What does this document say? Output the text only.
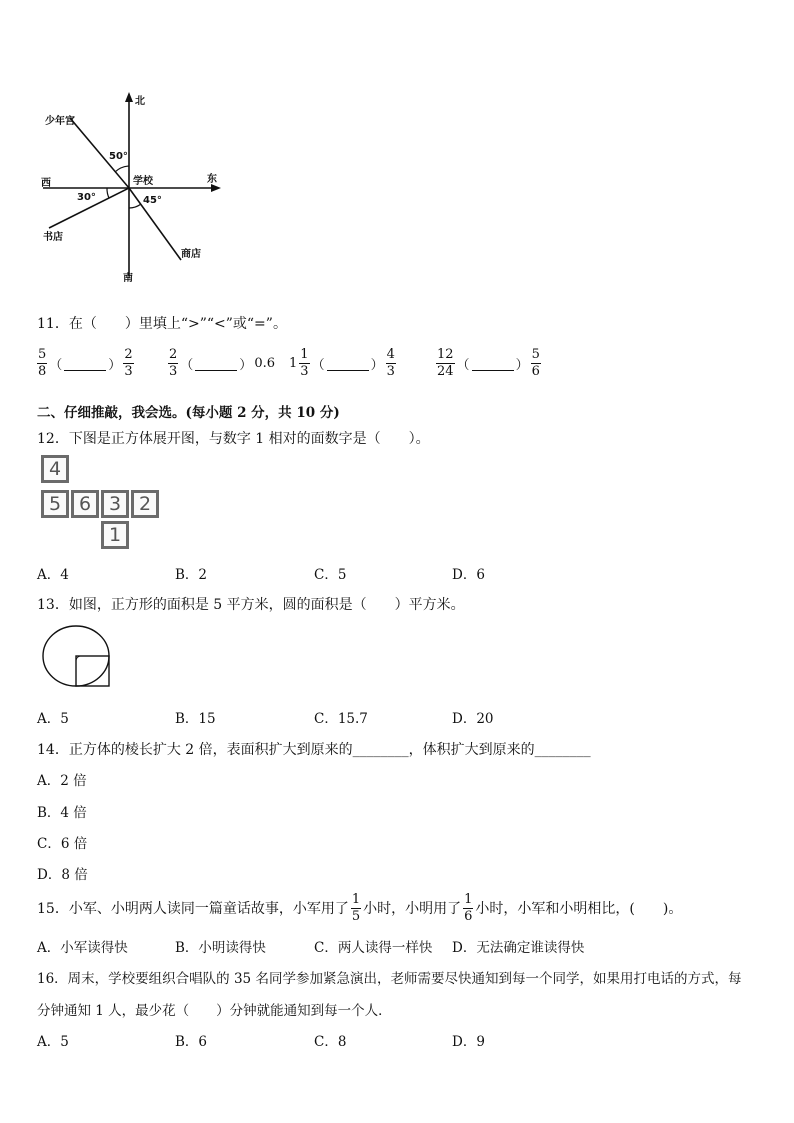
北
南
东
西	学校
少年宫
书店
商店
50°
30°	45°
11．在（　　）里填上“>”“<”或“=”。
$\frac{5}{8}$ （	） $\frac{2}{3}$	$\frac{2}{3}$ （	） 0.6 $1 \frac{1}{3}$ （	） $\frac{4}{3}$	$\frac{12}{24}$ （	） $\frac{5}{6}$
二、仔细推敲，我会选。(每小题 2 分，共 10 分)
12．下图是正方体展开图，与数字 1 相对的面数字是（　　）。
4
5 6 3 2
1
A．4	B．2	C．5	D．6
13．如图，正方形的面积是 5 平方米，圆的面积是（　　）平方米。
A．5	B．15	C．15.7	D．20
14．正方体的棱长扩大 2 倍，表面积扩大到原来的________，体积扩大到原来的________
A．2 倍
B．4 倍
C．6 倍
D．8 倍
15．小军、小明两人读同一篇童话故事，小军用了 $\frac{1}{5}$ 小时，小明用了 $\frac{1}{6}$ 小时，小军和小明相比，(　　)。
A．小军读得快	B．小明读得快	C．两人读得一样快 D．无法确定谁读得快
16．周末，学校要组织合唱队的 35 名同学参加紧急演出，老师需要尽快通知到每一个同学，如果用打电话的方式，每
分钟通知 1 人，最少花（　　）分钟就能通知到每一个人．
A．5	B．6	C．8	D．9
